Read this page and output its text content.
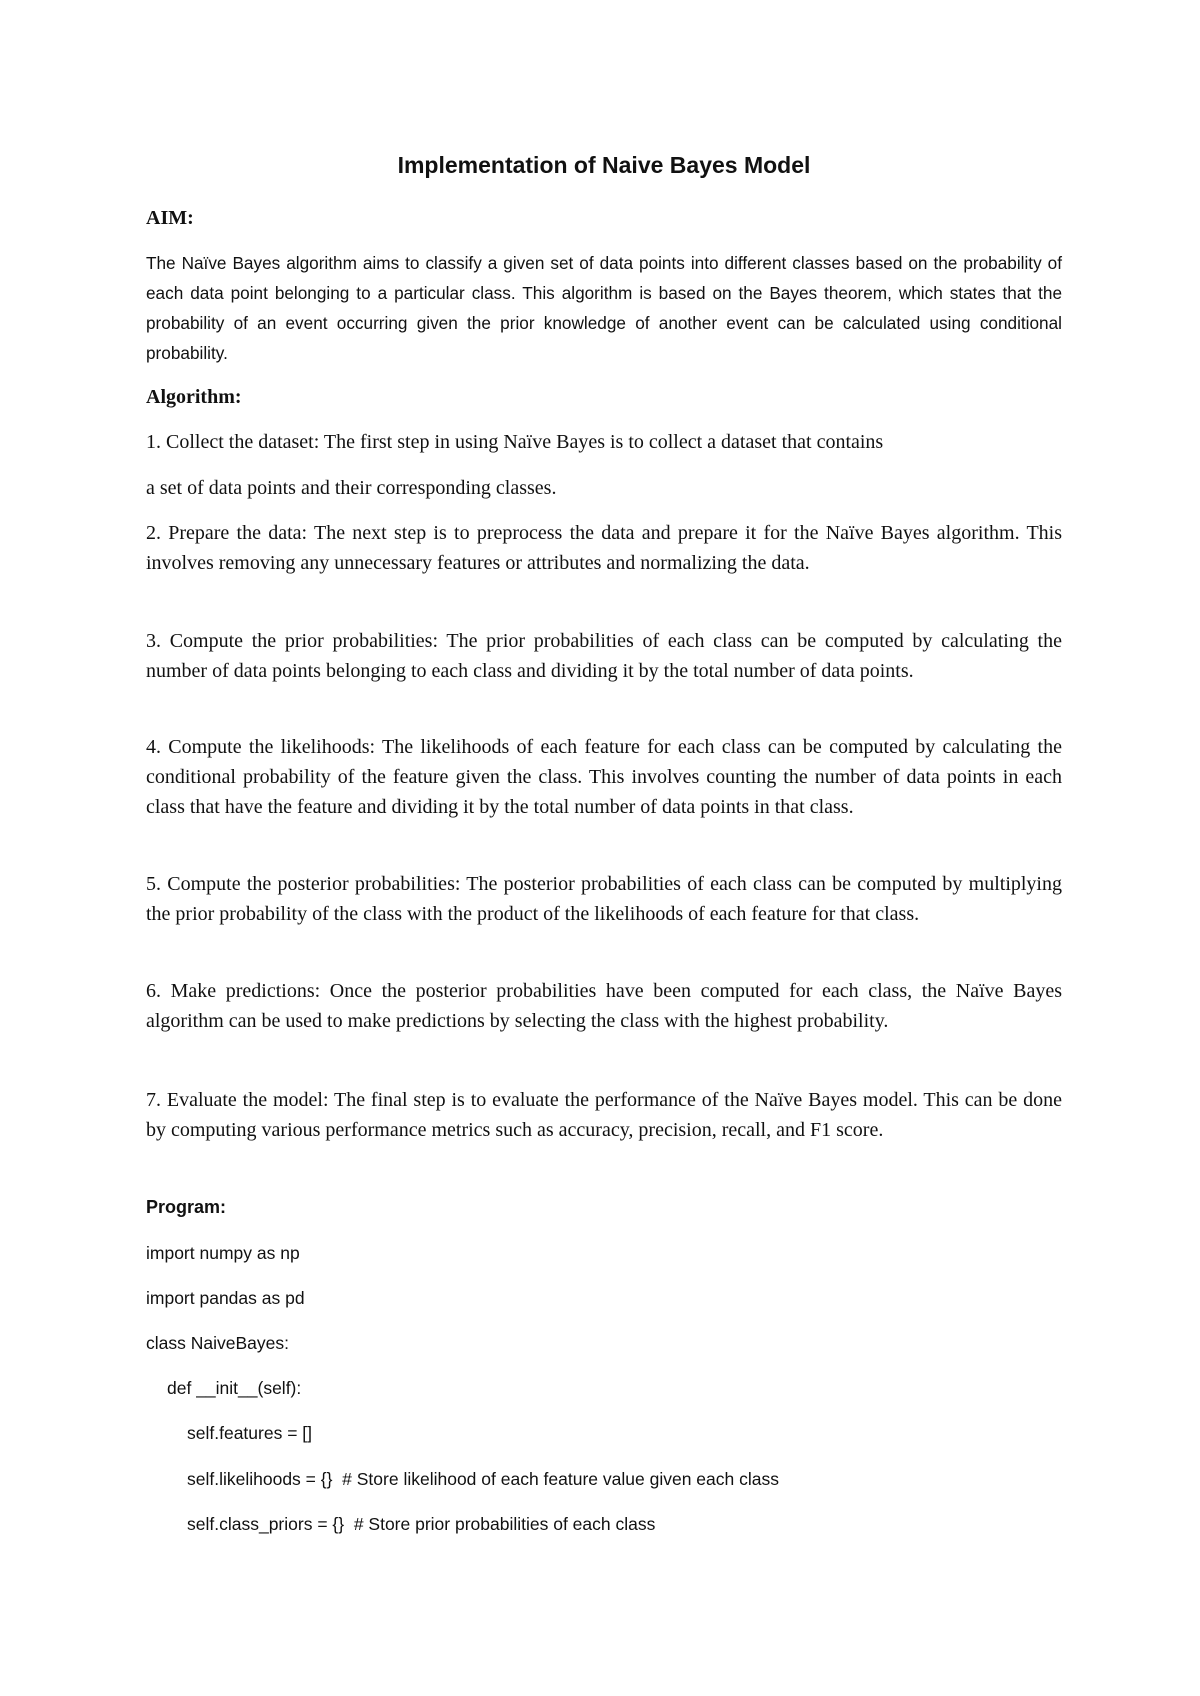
Implementation of Naive Bayes Model
AIM:

The Naïve Bayes algorithm aims to classify a given set of data points into different classes based on the probability of each data point belonging to a particular class. This algorithm is based on the Bayes theorem, which states that the probability of an event occurring given the prior knowledge of another event can be calculated using conditional probability.

Algorithm:

1. Collect the dataset: The first step in using Naïve Bayes is to collect a dataset that contains

a set of data points and their corresponding classes.

2. Prepare the data: The next step is to preprocess the data and prepare it for the Naïve Bayes algorithm. This involves removing any unnecessary features or attributes and normalizing the data.

3. Compute the prior probabilities: The prior probabilities of each class can be computed by calculating the number of data points belonging to each class and dividing it by the total number of data points.

4. Compute the likelihoods: The likelihoods of each feature for each class can be computed by calculating the conditional probability of the feature given the class. This involves counting the number of data points in each class that have the feature and dividing it by the total number of data points in that class.

5. Compute the posterior probabilities: The posterior probabilities of each class can be computed by multiplying the prior probability of the class with the product of the likelihoods of each feature for that class.

6. Make predictions: Once the posterior probabilities have been computed for each class, the Naïve Bayes algorithm can be used to make predictions by selecting the class with the highest probability.

7. Evaluate the model: The final step is to evaluate the performance of the Naïve Bayes model. This can be done by computing various performance metrics such as accuracy, precision, recall, and F1 score.

Program:

import numpy as np

import pandas as pd

class NaiveBayes:

def __init__(self):

self.features = []

self.likelihoods = {}  # Store likelihood of each feature value given each class

self.class_priors = {}  # Store prior probabilities of each class
